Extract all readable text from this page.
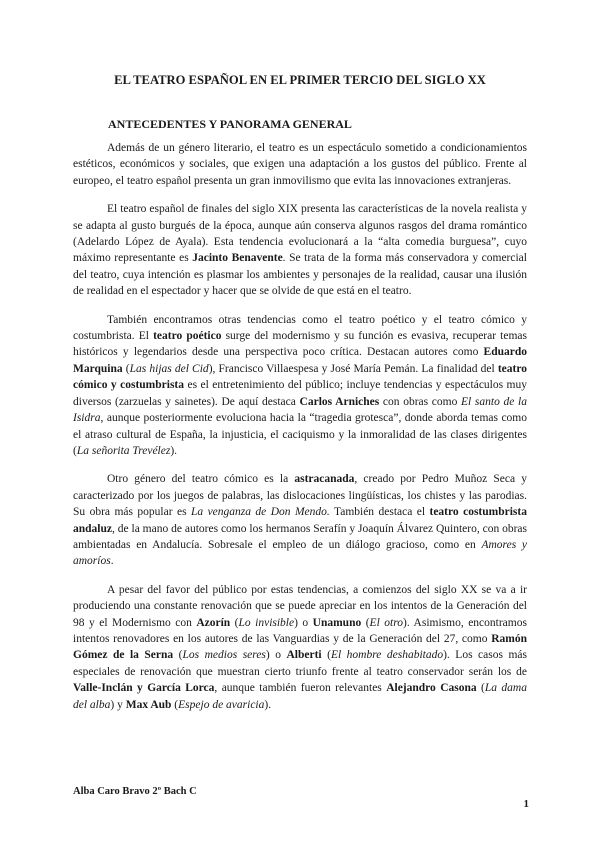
EL TEATRO ESPAÑOL EN EL PRIMER TERCIO DEL SIGLO XX
ANTECEDENTES Y PANORAMA GENERAL

Además de un género literario, el teatro es un espectáculo sometido a condicionamientos estéticos, económicos y sociales, que exigen una adaptación a los gustos del público. Frente al europeo, el teatro español presenta un gran inmovilismo que evita las innovaciones extranjeras.

El teatro español de finales del siglo XIX presenta las características de la novela realista y se adapta al gusto burgués de la época, aunque aún conserva algunos rasgos del drama romántico (Adelardo López de Ayala). Esta tendencia evolucionará a la “alta comedia burguesa”, cuyo máximo representante es Jacinto Benavente. Se trata de la forma más conservadora y comercial del teatro, cuya intención es plasmar los ambientes y personajes de la realidad, causar una ilusión de realidad en el espectador y hacer que se olvide de que está en el teatro.

También encontramos otras tendencias como el teatro poético y el teatro cómico y costumbrista. El teatro poético surge del modernismo y su función es evasiva, recuperar temas históricos y legendarios desde una perspectiva poco crítica. Destacan autores como Eduardo Marquina (Las hijas del Cid), Francisco Villaespesa y José María Pemán. La finalidad del teatro cómico y costumbrista es el entretenimiento del público; incluye tendencias y espectáculos muy diversos (zarzuelas y sainetes). De aquí destaca Carlos Arniches con obras como El santo de la Isidra, aunque posteriormente evoluciona hacia la “tragedia grotesca”, donde aborda temas como el atraso cultural de España, la injusticia, el caciquismo y la inmoralidad de las clases dirigentes (La señorita Trevélez).

Otro género del teatro cómico es la astracanada, creado por Pedro Muñoz Seca y caracterizado por los juegos de palabras, las dislocaciones lingüísticas, los chistes y las parodias. Su obra más popular es La venganza de Don Mendo. También destaca el teatro costumbrista andaluz, de la mano de autores como los hermanos Serafín y Joaquín Álvarez Quintero, con obras ambientadas en Andalucía. Sobresale el empleo de un diálogo gracioso, como en Amores y amoríos.

A pesar del favor del público por estas tendencias, a comienzos del siglo XX se va a ir produciendo una constante renovación que se puede apreciar en los intentos de la Generación del 98 y el Modernismo con Azorín (Lo invisible) o Unamuno (El otro). Asimismo, encontramos intentos renovadores en los autores de las Vanguardias y de la Generación del 27, como Ramón Gómez de la Serna (Los medios seres) o Alberti (El hombre deshabitado). Los casos más especiales de renovación que muestran cierto triunfo frente al teatro conservador serán los de Valle-Inclán y García Lorca, aunque también fueron relevantes Alejandro Casona (La dama del alba) y Max Aub (Espejo de avaricia).

Alba Caro Bravo 2º Bach C
1
